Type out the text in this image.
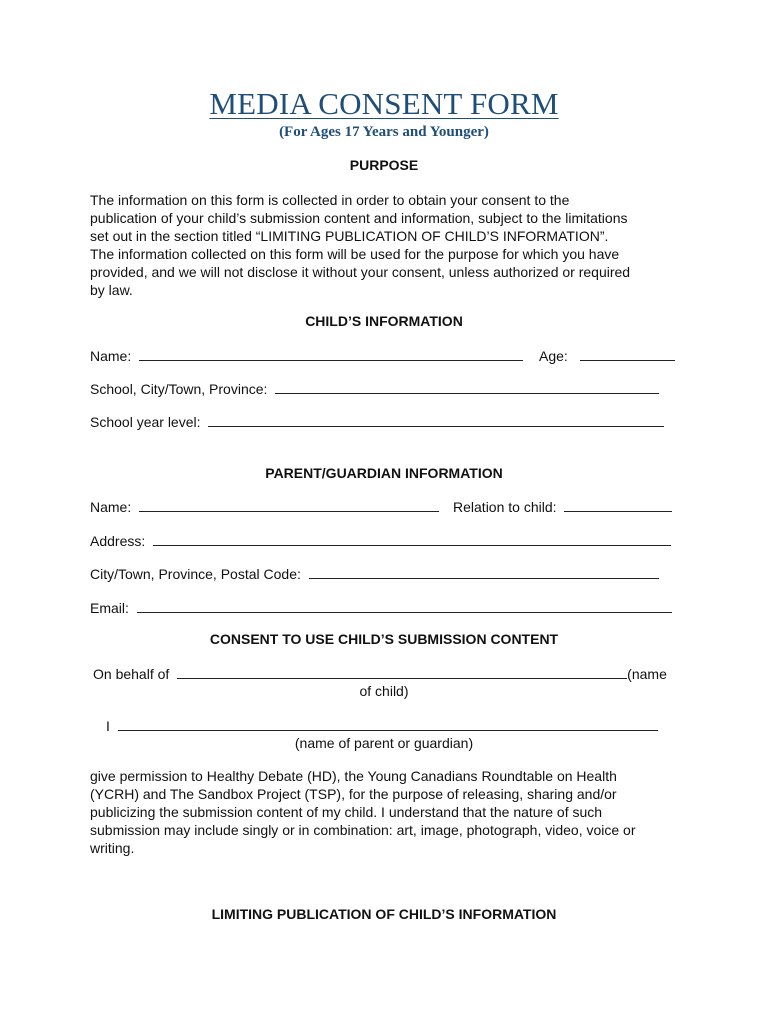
MEDIA CONSENT FORM
(For Ages 17 Years and Younger)
PURPOSE
The information on this form is collected in order to obtain your consent to the
publication of your child’s submission content and information, subject to the limitations
set out in the section titled “LIMITING PUBLICATION OF CHILD’S INFORMATION”.
The information collected on this form will be used for the purpose for which you have
provided, and we will not disclose it without your consent, unless authorized or required
by law.
CHILD’S INFORMATION
Name:	Age:
School, City/Town, Province:
School year level:
PARENT/GUARDIAN INFORMATION
Name:	Relation to child:
Address:
City/Town, Province, Postal Code:
Email:
CONSENT TO USE CHILD’S SUBMISSION CONTENT
On behalf of	(name
of child)
I
(name of parent or guardian)
give permission to Healthy Debate (HD), the Young Canadians Roundtable on Health
(YCRH) and The Sandbox Project (TSP), for the purpose of releasing, sharing and/or
publicizing the submission content of my child. I understand that the nature of such
submission may include singly or in combination: art, image, photograph, video, voice or
writing.
LIMITING PUBLICATION OF CHILD’S INFORMATION
